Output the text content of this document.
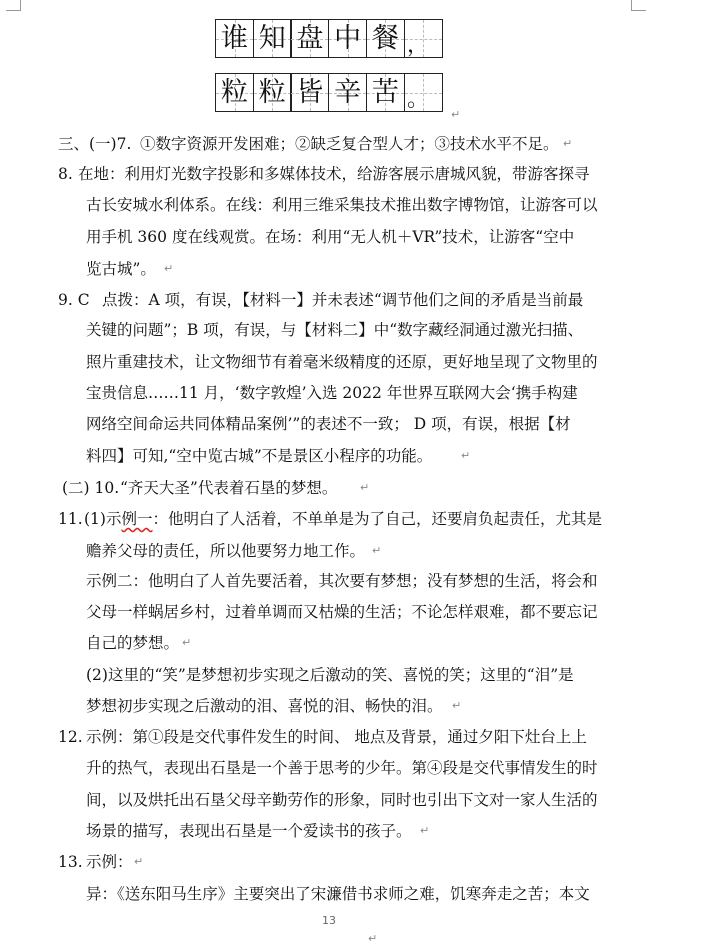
谁 知 盘 中 餐 ，
粒 粒 皆 辛 苦 。
↵
三、(一)7. ①数字资源开发困难；②缺乏复合型人才；③技术水平不足。 ↵
8. 在地：利用灯光数字投影和多媒体技术，给游客展示唐城风貌，带游客探寻
古长安城水利体系。在线：利用三维采集技术推出数字博物馆，让游客可以
用手机 360 度在线观赏。在场：利用“无人机＋VR”技术，让游客“空中
览古城”。 ↵
9. C 点拨：A 项，有误，【材料一】并未表述“调节他们之间的矛盾是当前最
关键的问题”；B 项，有误，与【材料二】中“数字藏经洞通过激光扫描、
照片重建技术，让文物细节有着毫米级精度的还原，更好地呈现了文物里的
宝贵信息……11 月，‘数字敦煌’入选 2022 年世界互联网大会‘携手构建
网络空间命运共同体精品案例’”的表述不一致； D 项，有误，根据【材
料四】可知,“空中览古城”不是景区小程序的功能。	↵
(二) 10. “齐天大圣”代表着石垦的梦想。 ↵
11. (1)示例一：他明白了人活着，不单单是为了自己，还要肩负起责任，尤其是
赡养父母的责任，所以他要努力地工作。 ↵
示例二：他明白了人首先要活着，其次要有梦想；没有梦想的生活，将会和
父母一样蜗居乡村，过着单调而又枯燥的生活；不论怎样艰难，都不要忘记
自己的梦想。 ↵
(2)这里的“笑”是梦想初步实现之后激动的笑、喜悦的笑；这里的“泪”是
梦想初步实现之后激动的泪、喜悦的泪、畅快的泪。 ↵
12. 示例：第①段是交代事件发生的时间、 地点及背景，通过夕阳下灶台上上
升的热气，表现出石垦是一个善于思考的少年。第④段是交代事情发生的时
间，以及烘托出石垦父母辛勤劳作的形象，同时也引出下文对一家人生活的
场景的描写，表现出石垦是一个爱读书的孩子。 ↵
13. 示例： ↵
异：《送东阳马生序》主要突出了宋濂借书求师之难，饥寒奔走之苦；本文
13
↵
